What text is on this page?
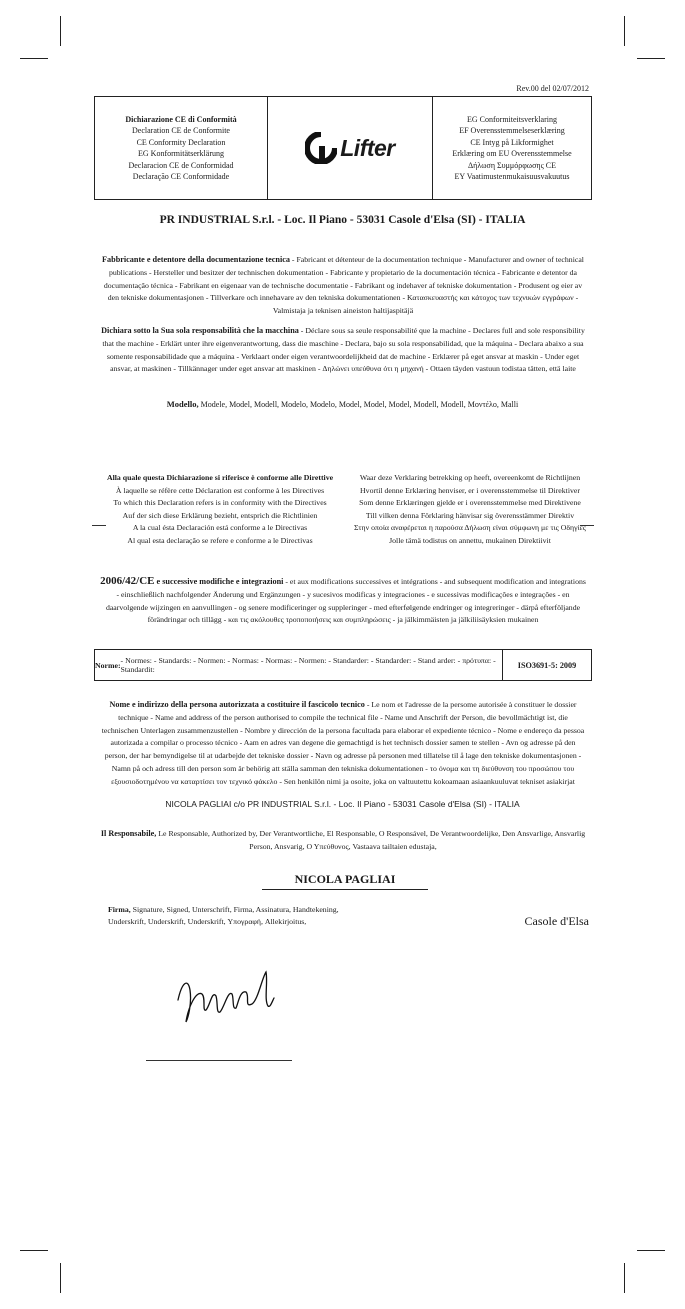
Rev.00 del 02/07/2012
Dichiarazione CE di Conformità
Declaration CE de Conformite
CE Conformity Declaration
EG Konformitätserklärung
Declaracion CE de Conformidad
Declaração CE Conformidade
Lifter
EG Conformiteitsverklaring
EF Overensstemmelseserklæring
CE Intyg på Likformighet
Erklæring om EU Overensstemmelse
Δήλωση Συμμόρφωσης CE
EY Vaatimustenmukaisuusvakuutus
PR INDUSTRIAL S.r.l. - Loc. Il Piano - 53031 Casole d'Elsa (SI) - ITALIA
Fabbricante e detentore della documentazione tecnica - Fabricant et détenteur de la documentation technique - Manufacturer and owner of technical publications - Hersteller und besitzer der technischen dokumentation - Fabricante y propietario de la documentación técnica - Fabricante e detentor da documentação técnica - Fabrikant en eigenaar van de technische documentatie - Fabrikant og indehaver af tekniske dokumentation - Produsent og eier av den tekniske dokumentasjonen - Tillverkare och innehavare av den tekniska dokumentationen - Κατασκευαστής και κάτοχος των τεχνικών εγγράφων - Valmistaja ja teknisen aineiston haltijaspitäjä
Dichiara sotto la Sua sola responsabilità che la macchina - Déclare sous sa seule responsabilité que la machine - Declares full and sole responsibility that the machine - Erklärt unter ihre eigenverantwortung, dass die maschine - Declara, bajo su sola responsabilidad, que la máquina - Declara abaixo a sua somente responsabilidade que a máquina - Verklaart onder eigen verantwoordelijkheid dat de machine - Erklærer på eget ansvar at maskin - Under eget ansvar, at maskinen - Tillkännager under eget ansvar att maskinen - Δηλώνει υπεύθυνα ότι η μηχανή - Ottaen täyden vastuun todistaa tätten, että laite
Modello, Modele, Model, Modell, Modelo, Modelo, Model, Model, Model, Modell, Modell, Μοντέλο, Malli
Alla quale questa Dichiarazione si riferisce è conforme alle Direttive
À laquelle se réfère cette Déclaration est conforme à les Directives
To which this Declaration refers is in conformity with the Directives
Auf der sich diese Erklärung bezieht, entsprich die Richtlinien
A la cual ésta Declaración está conforme a le Directivas
Al qual esta declaração se refere e conforme a le Directivas
Waar deze Verklaring betrekking op heeft, overeenkomt de Richtlijnen
Hvortil denne Erklæring henviser, er i overensstemmelse til Direktiver
Som denne Erklæringen gjelde er i overensstemmelse med Direktivene
Till vilken denna Förklaring hänvisar sig överensstämmer Direktiv
Στην οποία αναφέρεται η παρούσα Δήλωση είναι σύμφωνη με τις Οδηγίες
Jolle tämä todistus on annettu, mukainen Direktiivit
2006/42/CE e successive modifiche e integrazioni - et aux modifications successives et intégrations - and subsequent modification and integrations - einschließlich nachfolgender Änderung und Ergänzungen - y sucesivos modificas y integraciones - e sucessivas modificações e integrações - en daarvolgende wijzingen en aanvullingen - og senere modificeringer og suppleringer - med efterfølgende endringer og integreringer - därpå efterföljande förändringar och tillägg - και τις ακόλουθες τροποποιήσεις και συμπληρώσεις - ja jälkimmäisten ja jälkiliisäyksien mukainen
Norme: - Normes: - Standards: - Normen: - Normas: - Normas: - Normen: - Standarder: - Standarder: - Stand arder: - πρότυπα: - Standardit:	ISO3691-5: 2009
Nome e indirizzo della persona autorizzata a costituire il fascicolo tecnico - Le nom et l'adresse de la persome autorisée à constituer le dossier technique - Name and address of the person authorised to compile the technical file - Name und Anschrift der Person, die bevollmächtigt ist, die technischen Unterlagen zusammenzustellen - Nombre y dirección de la persona facultada para elaborar el expediente técnico - Nome e endereço da pessoa autorizada a compilar o processo técnico - Aam en adres van degene die gemachtigd is het technisch dossier samen te stellen - Avn og adresse på den person, der har bemyndigelse til at udarbejde det tekniske dossier - Navn og adresse på personen med tillatelse til å lage den tekniske dokumentasjonen - Namn på och adress till den person som är behörig att ställa samman den tekniska dokumentationen - το όνομα και τη διεύθυνση του προσώπου του εξουσιοδοτημένου να καταρτίσει τον τεχνικό φάκελο - Sen henkilön nimi ja osoite, joka on valtuutettu kokoamaan asiaankuuluvat tekniset asiakirjat
NICOLA PAGLIAI c/o PR INDUSTRIAL S.r.l. - Loc. Il Piano - 53031 Casole d'Elsa (SI) - ITALIA
Il Responsabile, Le Responsable, Authorized by, Der Verantwortliche, El Responsable, O Responsável, De Verantwoordelijke, Den Ansvarlige, Ansvarlig Person, Ansvarig, Ο Υπεύθυνος, Vastaava tailtaien edustaja,
NICOLA PAGLIAI
Firma, Signature, Signed, Unterschrift, Firma, Assinatura, Handtekening, Underskrift, Underskrift, Underskrift, Υπογραφή, Allekirjoitus,	Casole d'Elsa
